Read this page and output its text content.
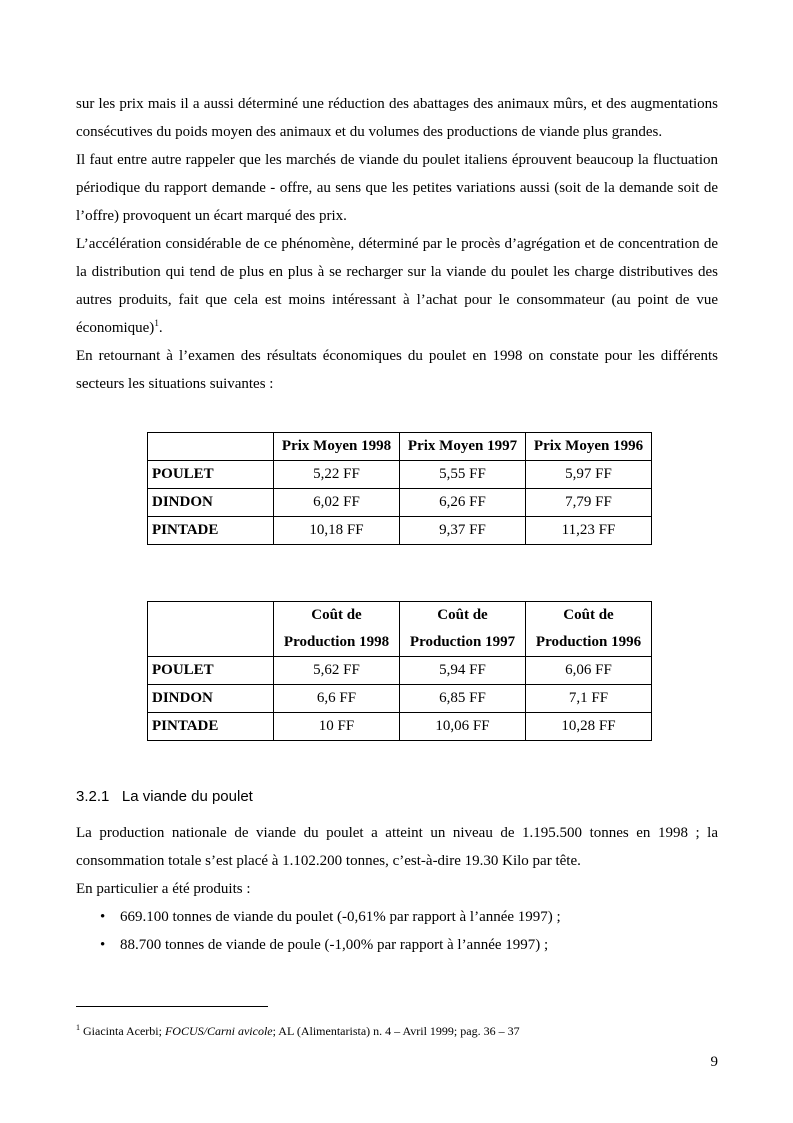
sur les prix mais il a aussi déterminé une réduction des abattages des animaux mûrs, et des augmentations consécutives du poids moyen des animaux et du volumes des productions de viande plus grandes.

Il faut entre autre rappeler que les marchés de viande du poulet italiens éprouvent beaucoup la fluctuation périodique du rapport demande - offre, au sens que les petites variations aussi (soit de la demande soit de l’offre) provoquent un écart marqué des prix.

L’accélération considérable de ce phénomène, déterminé par le procès d’agrégation et de concentration de la distribution qui tend de plus en plus à se recharger sur la viande du poulet les charge distributives des autres produits, fait que cela est moins intéressant à l’achat pour le consommateur (au point de vue économique)$^1$.

En retournant à l’examen des résultats économiques du poulet en 1998 on constate pour les différents secteurs les situations suivantes :

	Prix Moyen 1998	Prix Moyen 1997	Prix Moyen 1996
POULET	5,22 FF	5,55 FF	5,97 FF
DINDON	6,02 FF	6,26 FF	7,79 FF
PINTADE	10,18 FF	9,37 FF	11,23 FF
	Coût de	Coût de	Coût de
	Production 1998	Production 1997	Production 1996
POULET	5,62 FF	5,94 FF	6,06 FF
DINDON	6,6 FF	6,85 FF	7,1 FF
PINTADE	10 FF	10,06 FF	10,28 FF
3.2.1 La viande du poulet

La production nationale de viande du poulet a atteint un niveau de 1.195.500 tonnes en 1998 ; la consommation totale s’est placé à 1.102.200 tonnes, c’est-à-dire 19.30 Kilo par tête.

En particulier a été produits :

• 669.100 tonnes de viande du poulet (-0,61% par rapport à l’année 1997) ;
• 88.700 tonnes de viande de poule (-1,00% par rapport à l’année 1997) ;
$^1$ Giacinta Acerbi; FOCUS/Carni avicole; AL (Alimentarista) n. 4 – Avril 1999; pag. 36 – 37
9
